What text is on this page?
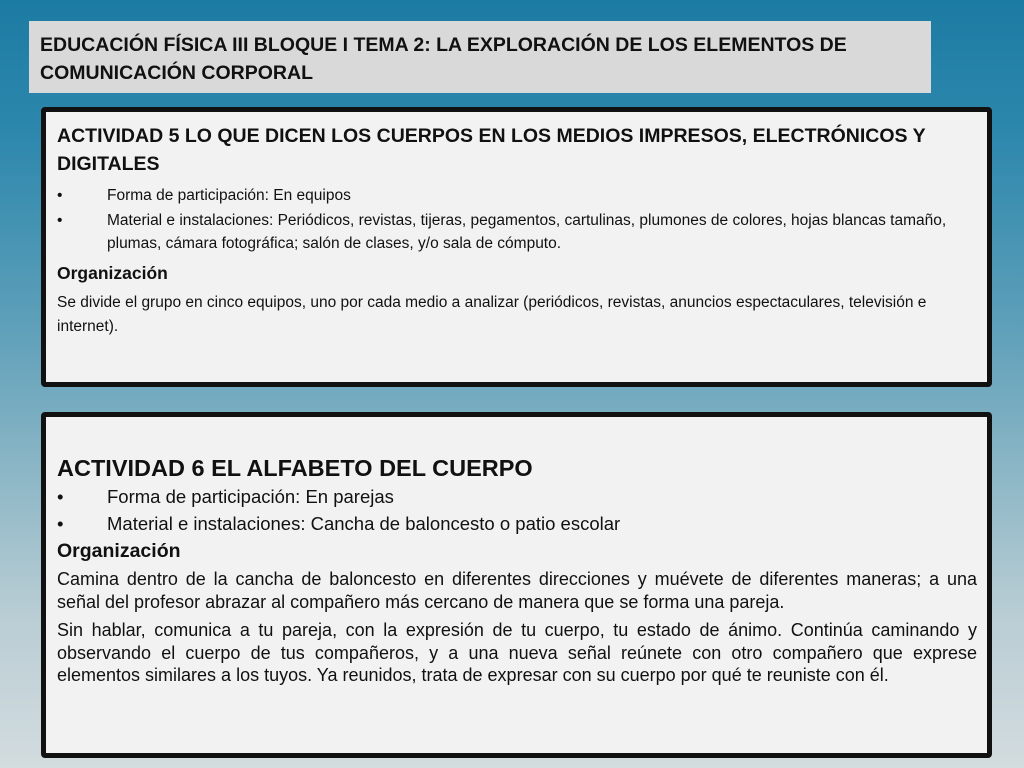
EDUCACIÓN FÍSICA III BLOQUE I TEMA 2: LA EXPLORACIÓN DE LOS ELEMENTOS DE
COMUNICACIÓN CORPORAL
ACTIVIDAD 5 LO QUE DICEN LOS CUERPOS EN LOS MEDIOS IMPRESOS, ELECTRÓNICOS Y DIGITALES
•	Forma de participación: En equipos
•	Material e instalaciones: Periódicos, revistas, tijeras, pegamentos, cartulinas, plumones de colores, hojas blancas tamaño, plumas, cámara fotográfica; salón de clases, y/o sala de cómputo.

Organización

Se divide el grupo en cinco equipos, uno por cada medio a analizar (periódicos, revistas, anuncios espectaculares, televisión e internet).

ACTIVIDAD 6 EL ALFABETO DEL CUERPO
• Forma de participación: En parejas
• Material e instalaciones: Cancha de baloncesto o patio escolar

Organización

Camina dentro de la cancha de baloncesto en diferentes direcciones y muévete de diferentes maneras; a una señal del profesor abrazar al compañero más cercano de manera que se forma una pareja.

Sin hablar, comunica a tu pareja, con la expresión de tu cuerpo, tu estado de ánimo. Continúa caminando y observando el cuerpo de tus compañeros, y a una nueva señal reúnete con otro compañero que exprese elementos similares a los tuyos. Ya reunidos, trata de expresar con su cuerpo por qué te reuniste con él.
